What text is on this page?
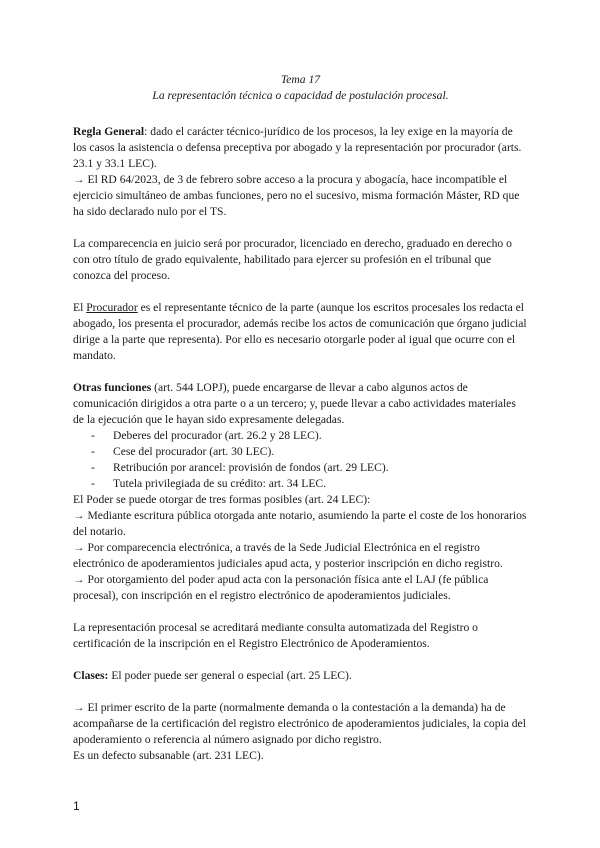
Tema 17

La representación técnica o capacidad de postulación procesal.

Regla General: dado el carácter técnico-jurídico de los procesos, la ley exige en la mayoría de los casos la asistencia o defensa preceptiva por abogado y la representación por procurador (arts. 23.1 y 33.1 LEC).

→ El RD 64/2023, de 3 de febrero sobre acceso a la procura y abogacía, hace incompatible el ejercicio simultáneo de ambas funciones, pero no el sucesivo, misma formación Máster, RD que ha sido declarado nulo por el TS.

La comparecencia en juicio será por procurador, licenciado en derecho, graduado en derecho o con otro título de grado equivalente, habilitado para ejercer su profesión en el tribunal que conozca del proceso.

El Procurador es el representante técnico de la parte (aunque los escritos procesales los redacta el abogado, los presenta el procurador, además recibe los actos de comunicación que órgano judicial dirige a la parte que representa). Por ello es necesario otorgarle poder al igual que ocurre con el mandato.

Otras funciones (art. 544 LOPJ), puede encargarse de llevar a cabo algunos actos de comunicación dirigidos a otra parte o a un tercero; y, puede llevar a cabo actividades materiales de la ejecución que le hayan sido expresamente delegadas.

- Deberes del procurador (art. 26.2 y 28 LEC).
- Cese del procurador (art. 30 LEC).
- Retribución por arancel: provisión de fondos (art. 29 LEC).
- Tutela privilegiada de su crédito: art. 34 LEC.

El Poder se puede otorgar de tres formas posibles (art. 24 LEC):

→ Mediante escritura pública otorgada ante notario, asumiendo la parte el coste de los honorarios del notario.

→ Por comparecencia electrónica, a través de la Sede Judicial Electrónica en el registro electrónico de apoderamientos judiciales apud acta, y posterior inscripción en dicho registro.

→ Por otorgamiento del poder apud acta con la personación física ante el LAJ (fe pública procesal), con inscripción en el registro electrónico de apoderamientos judiciales.

La representación procesal se acreditará mediante consulta automatizada del Registro o certificación de la inscripción en el Registro Electrónico de Apoderamientos.

Clases: El poder puede ser general o especial (art. 25 LEC).

→ El primer escrito de la parte (normalmente demanda o la contestación a la demanda) ha de acompañarse de la certificación del registro electrónico de apoderamientos judiciales, la copia del apoderamiento o referencia al número asignado por dicho registro.

Es un defecto subsanable (art. 231 LEC).

1
